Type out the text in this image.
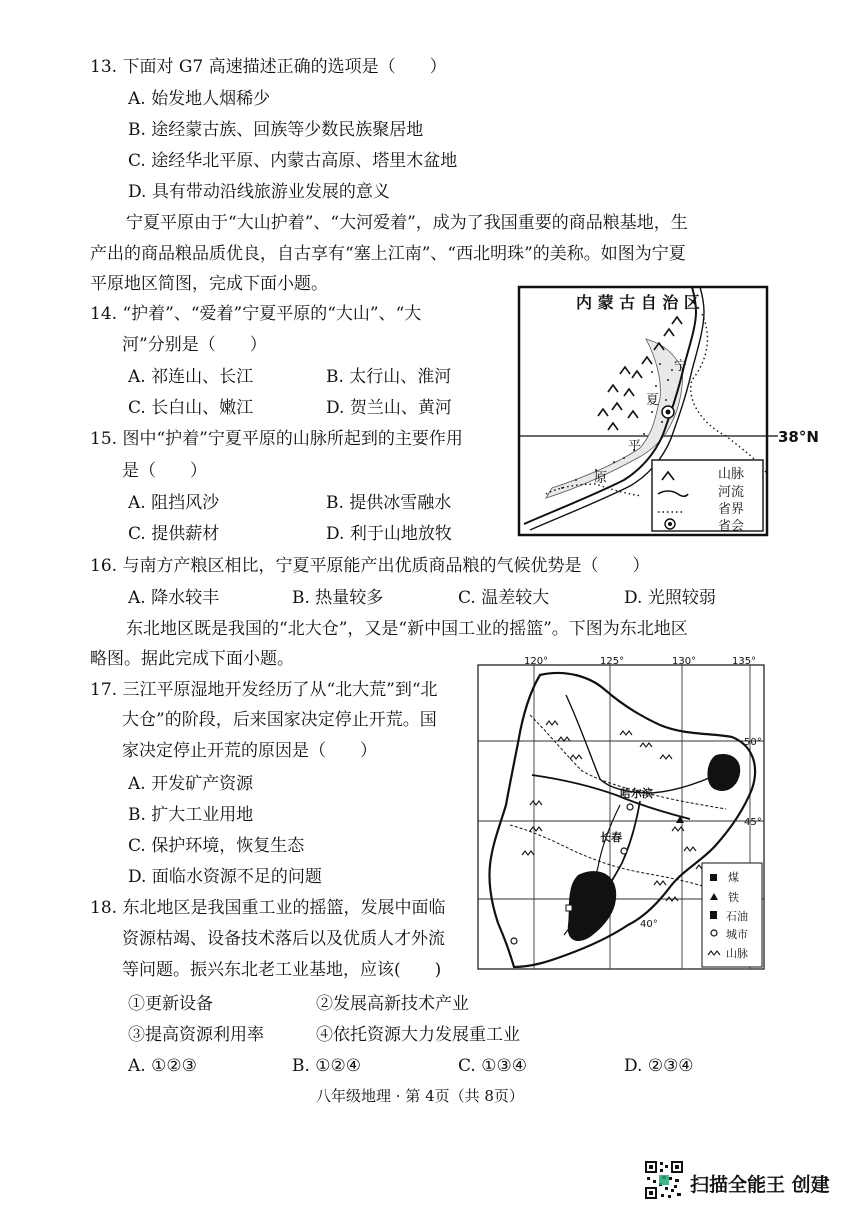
13. 下面对 G7 高速描述正确的选项是（　　）
A. 始发地人烟稀少
B. 途经蒙古族、回族等少数民族聚居地
C. 途经华北平原、内蒙古高原、塔里木盆地
D. 具有带动沿线旅游业发展的意义
宁夏平原由于“大山护着”、“大河爱着”，成为了我国重要的商品粮基地，生
产出的商品粮品质优良，自古享有“塞上江南”、“西北明珠”的美称。如图为宁夏
平原地区简图，完成下面小题。
14. “护着”、“爱着”宁夏平原的“大山”、“大
河”分别是（　　）
A. 祁连山、长江	B. 太行山、淮河
C. 长白山、嫩江	D. 贺兰山、黄河
15. 图中“护着”宁夏平原的山脉所起到的主要作用
是（　　）
A. 阻挡风沙	B. 提供冰雪融水
C. 提供薪材	D. 利于山地放牧
内 蒙 古 自 治 区
38°N
宁
夏
平
原	山脉
河流
省界
省会
16. 与南方产粮区相比，宁夏平原能产出优质商品粮的气候优势是（　　）
A. 降水较丰	B. 热量较多	C. 温差较大	D. 光照较弱
东北地区既是我国的“北大仓”，又是“新中国工业的摇篮”。下图为东北地区
略图。据此完成下面小题。
17. 三江平原湿地开发经历了从“北大荒”到“北
大仓”的阶段，后来国家决定停止开荒。国
家决定停止开荒的原因是（　　）
A. 开发矿产资源
B. 扩大工业用地
C. 保护环境，恢复生态
D. 面临水资源不足的问题
120°	125°	130°	135°
50°
45°
40°
哈尔滨
长春
煤
铁
石油
城市
山脉
18. 东北地区是我国重工业的摇篮，发展中面临
资源枯竭、设备技术落后以及优质人才外流
等问题。振兴东北老工业基地，应该(　　)
①更新设备	②发展高新技术产业
③提高资源利用率	④依托资源大力发展重工业
A. ①②③	B. ①②④	C. ①③④	D. ②③④
八年级地理 · 第 4页（共 8页）
扫描全能王 创建
